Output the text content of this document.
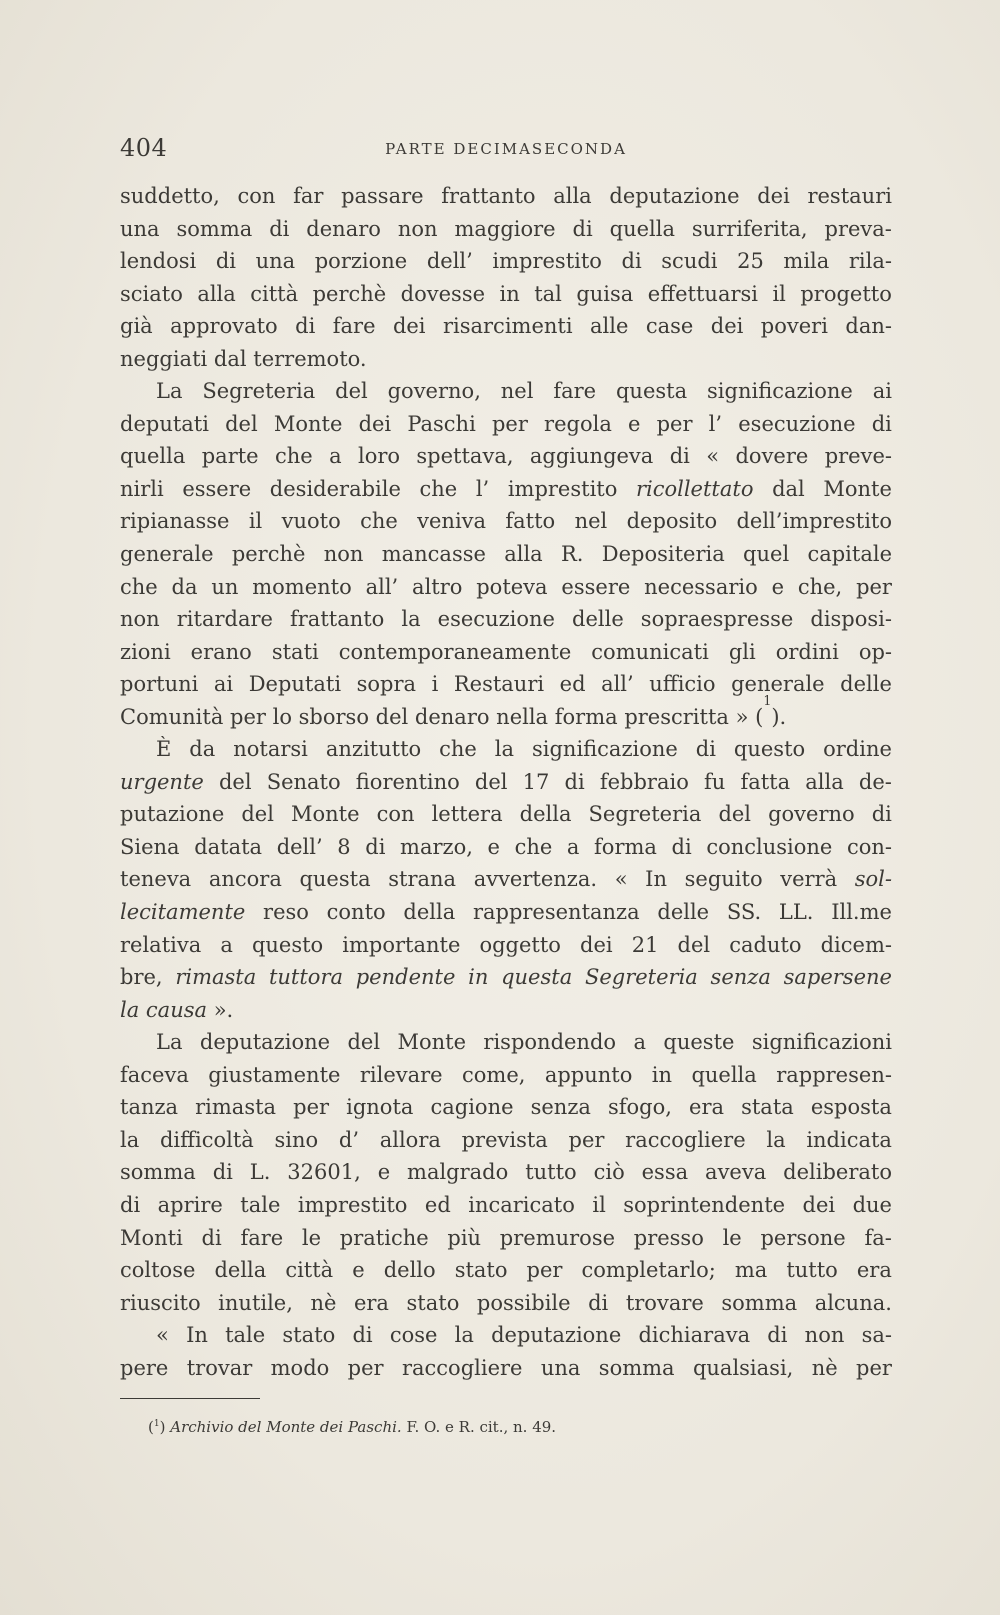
404	PARTE DECIMASECONDA
suddetto, con far passare frattanto alla deputazione dei restauri
una somma di denaro non maggiore di quella surriferita, preva-
lendosi di una porzione dell’ imprestito di scudi 25 mila rila-
sciato alla città perchè dovesse in tal guisa effettuarsi il progetto
già approvato di fare dei risarcimenti alle case dei poveri dan-
neggiati dal terremoto.
La Segreteria del governo, nel fare questa significazione ai
deputati del Monte dei Paschi per regola e per l’ esecuzione di
quella parte che a loro spettava, aggiungeva di « dovere preve-
nirli essere desiderabile che l’ imprestito ricollettato dal Monte
ripianasse il vuoto che veniva fatto nel deposito dell’imprestito
generale perchè non mancasse alla R. Depositeria quel capitale
che da un momento all’ altro poteva essere necessario e che, per
non ritardare frattanto la esecuzione delle sopraespresse disposi-
zioni erano stati contemporaneamente comunicati gli ordini op-
portuni ai Deputati sopra i Restauri ed all’ ufficio generale delle
Comunità per lo sborso del denaro nella forma prescritta » (
1
).
È da notarsi anzitutto che la significazione di questo ordine
urgente del Senato fiorentino del 17 di febbraio fu fatta alla de-
putazione del Monte con lettera della Segreteria del governo di
Siena datata dell’ 8 di marzo, e che a forma di conclusione con-
teneva ancora questa strana avvertenza. « In seguito verrà sol-
lecitamente reso conto della rappresentanza delle SS. LL. Ill.me
relativa a questo importante oggetto dei 21 del caduto dicem-
bre, rimasta tuttora pendente in questa Segreteria senza sapersene
la causa ».
La deputazione del Monte rispondendo a queste significazioni
faceva giustamente rilevare come, appunto in quella rappresen-
tanza rimasta per ignota cagione senza sfogo, era stata esposta
la difficoltà sino d’ allora prevista per raccogliere la indicata
somma di L. 32601, e malgrado tutto ciò essa aveva deliberato
di aprire tale imprestito ed incaricato il soprintendente dei due
Monti di fare le pratiche più premurose presso le persone fa-
coltose della città e dello stato per completarlo; ma tutto era
riuscito inutile, nè era stato possibile di trovare somma alcuna.
« In tale stato di cose la deputazione dichiarava di non sa-
pere trovar modo per raccogliere una somma qualsiasi, nè per
($^1$) Archivio del Monte dei Paschi. F. O. e R. cit., n. 49.
